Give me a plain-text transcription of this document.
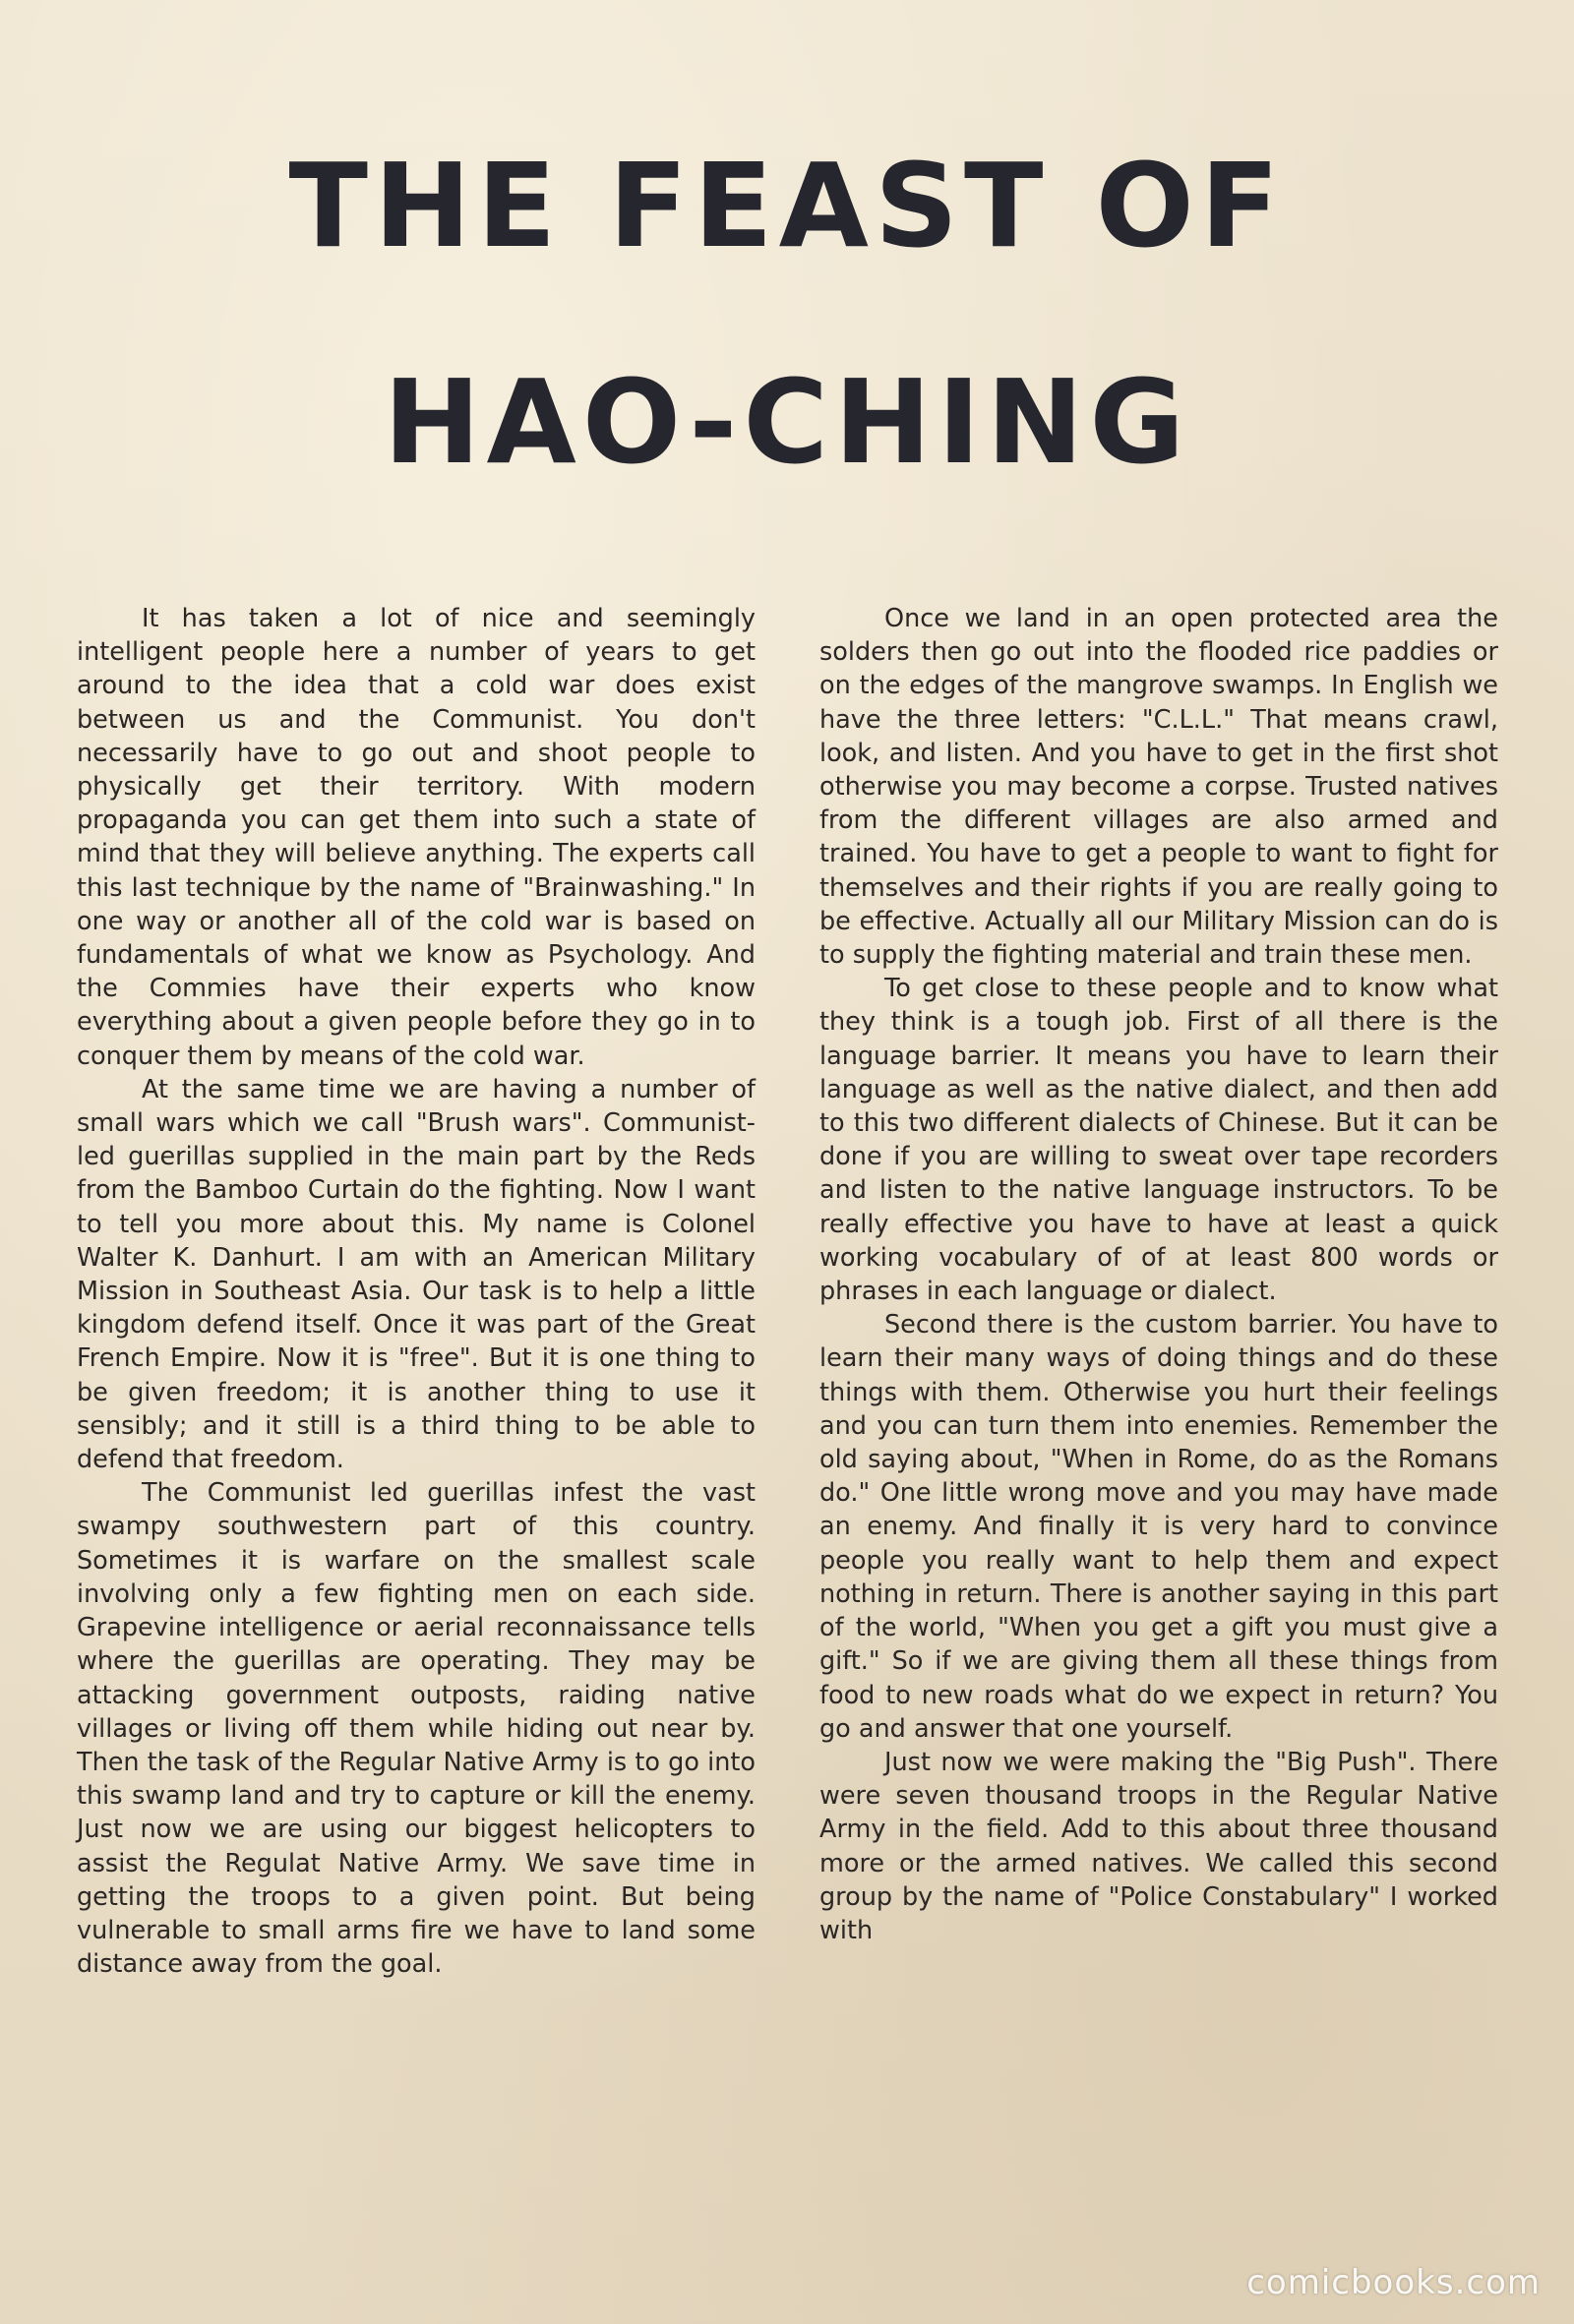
THE FEAST OF
HAO-CHING

It has taken a lot of nice and seemingly intelligent people here a number of years to get around to the idea that a cold war does exist between us and the Communist. You don't necessarily have to go out and shoot people to physically get their territory. With modern propaganda you can get them into such a state of mind that they will believe anything. The experts call this last technique by the name of "Brainwashing." In one way or another all of the cold war is based on fundamentals of what we know as Psychology. And the Commies have their experts who know everything about a given people before they go in to conquer them by means of the cold war.

At the same time we are having a number of small wars which we call "Brush wars". Communist-led guerillas supplied in the main part by the Reds from the Bamboo Curtain do the fighting. Now I want to tell you more about this. My name is Colonel Walter K. Danhurt. I am with an American Military Mission in Southeast Asia. Our task is to help a little kingdom defend itself. Once it was part of the Great French Empire. Now it is "free". But it is one thing to be given freedom; it is another thing to use it sensibly; and it still is a third thing to be able to defend that freedom.

The Communist led guerillas infest the vast swampy southwestern part of this country. Sometimes it is warfare on the smallest scale involving only a few fighting men on each side. Grapevine intelligence or aerial reconnaissance tells where the guerillas are operating. They may be attacking government outposts, raiding native villages or living off them while hiding out near by. Then the task of the Regular Native Army is to go into this swamp land and try to capture or kill the enemy. Just now we are using our biggest helicopters to assist the Regulat Native Army. We save time in getting the troops to a given point. But being vulnerable to small arms fire we have to land some distance away from the goal.

Once we land in an open protected area the solders then go out into the flooded rice paddies or on the edges of the mangrove swamps. In English we have the three letters: "C.L.L." That means crawl, look, and listen. And you have to get in the first shot otherwise you may become a corpse. Trusted natives from the different villages are also armed and trained. You have to get a people to want to fight for themselves and their rights if you are really going to be effective. Actually all our Military Mission can do is to supply the fighting material and train these men.

To get close to these people and to know what they think is a tough job. First of all there is the language barrier. It means you have to learn their language as well as the native dialect, and then add to this two different dialects of Chinese. But it can be done if you are willing to sweat over tape recorders and listen to the native language instructors. To be really effective you have to have at least a quick working vocabulary of of at least 800 words or phrases in each language or dialect.

Second there is the custom barrier. You have to learn their many ways of doing things and do these things with them. Otherwise you hurt their feelings and you can turn them into enemies. Remember the old saying about, "When in Rome, do as the Romans do." One little wrong move and you may have made an enemy. And finally it is very hard to convince people you really want to help them and expect nothing in return. There is another saying in this part of the world, "When you get a gift you must give a gift." So if we are giving them all these things from food to new roads what do we expect in return? You go and answer that one yourself.

Just now we were making the "Big Push". There were seven thousand troops in the Regular Native Army in the field. Add to this about three thousand more or the armed natives. We called this second group by the name of "Police Constabulary" I worked with

comicbooks.com
